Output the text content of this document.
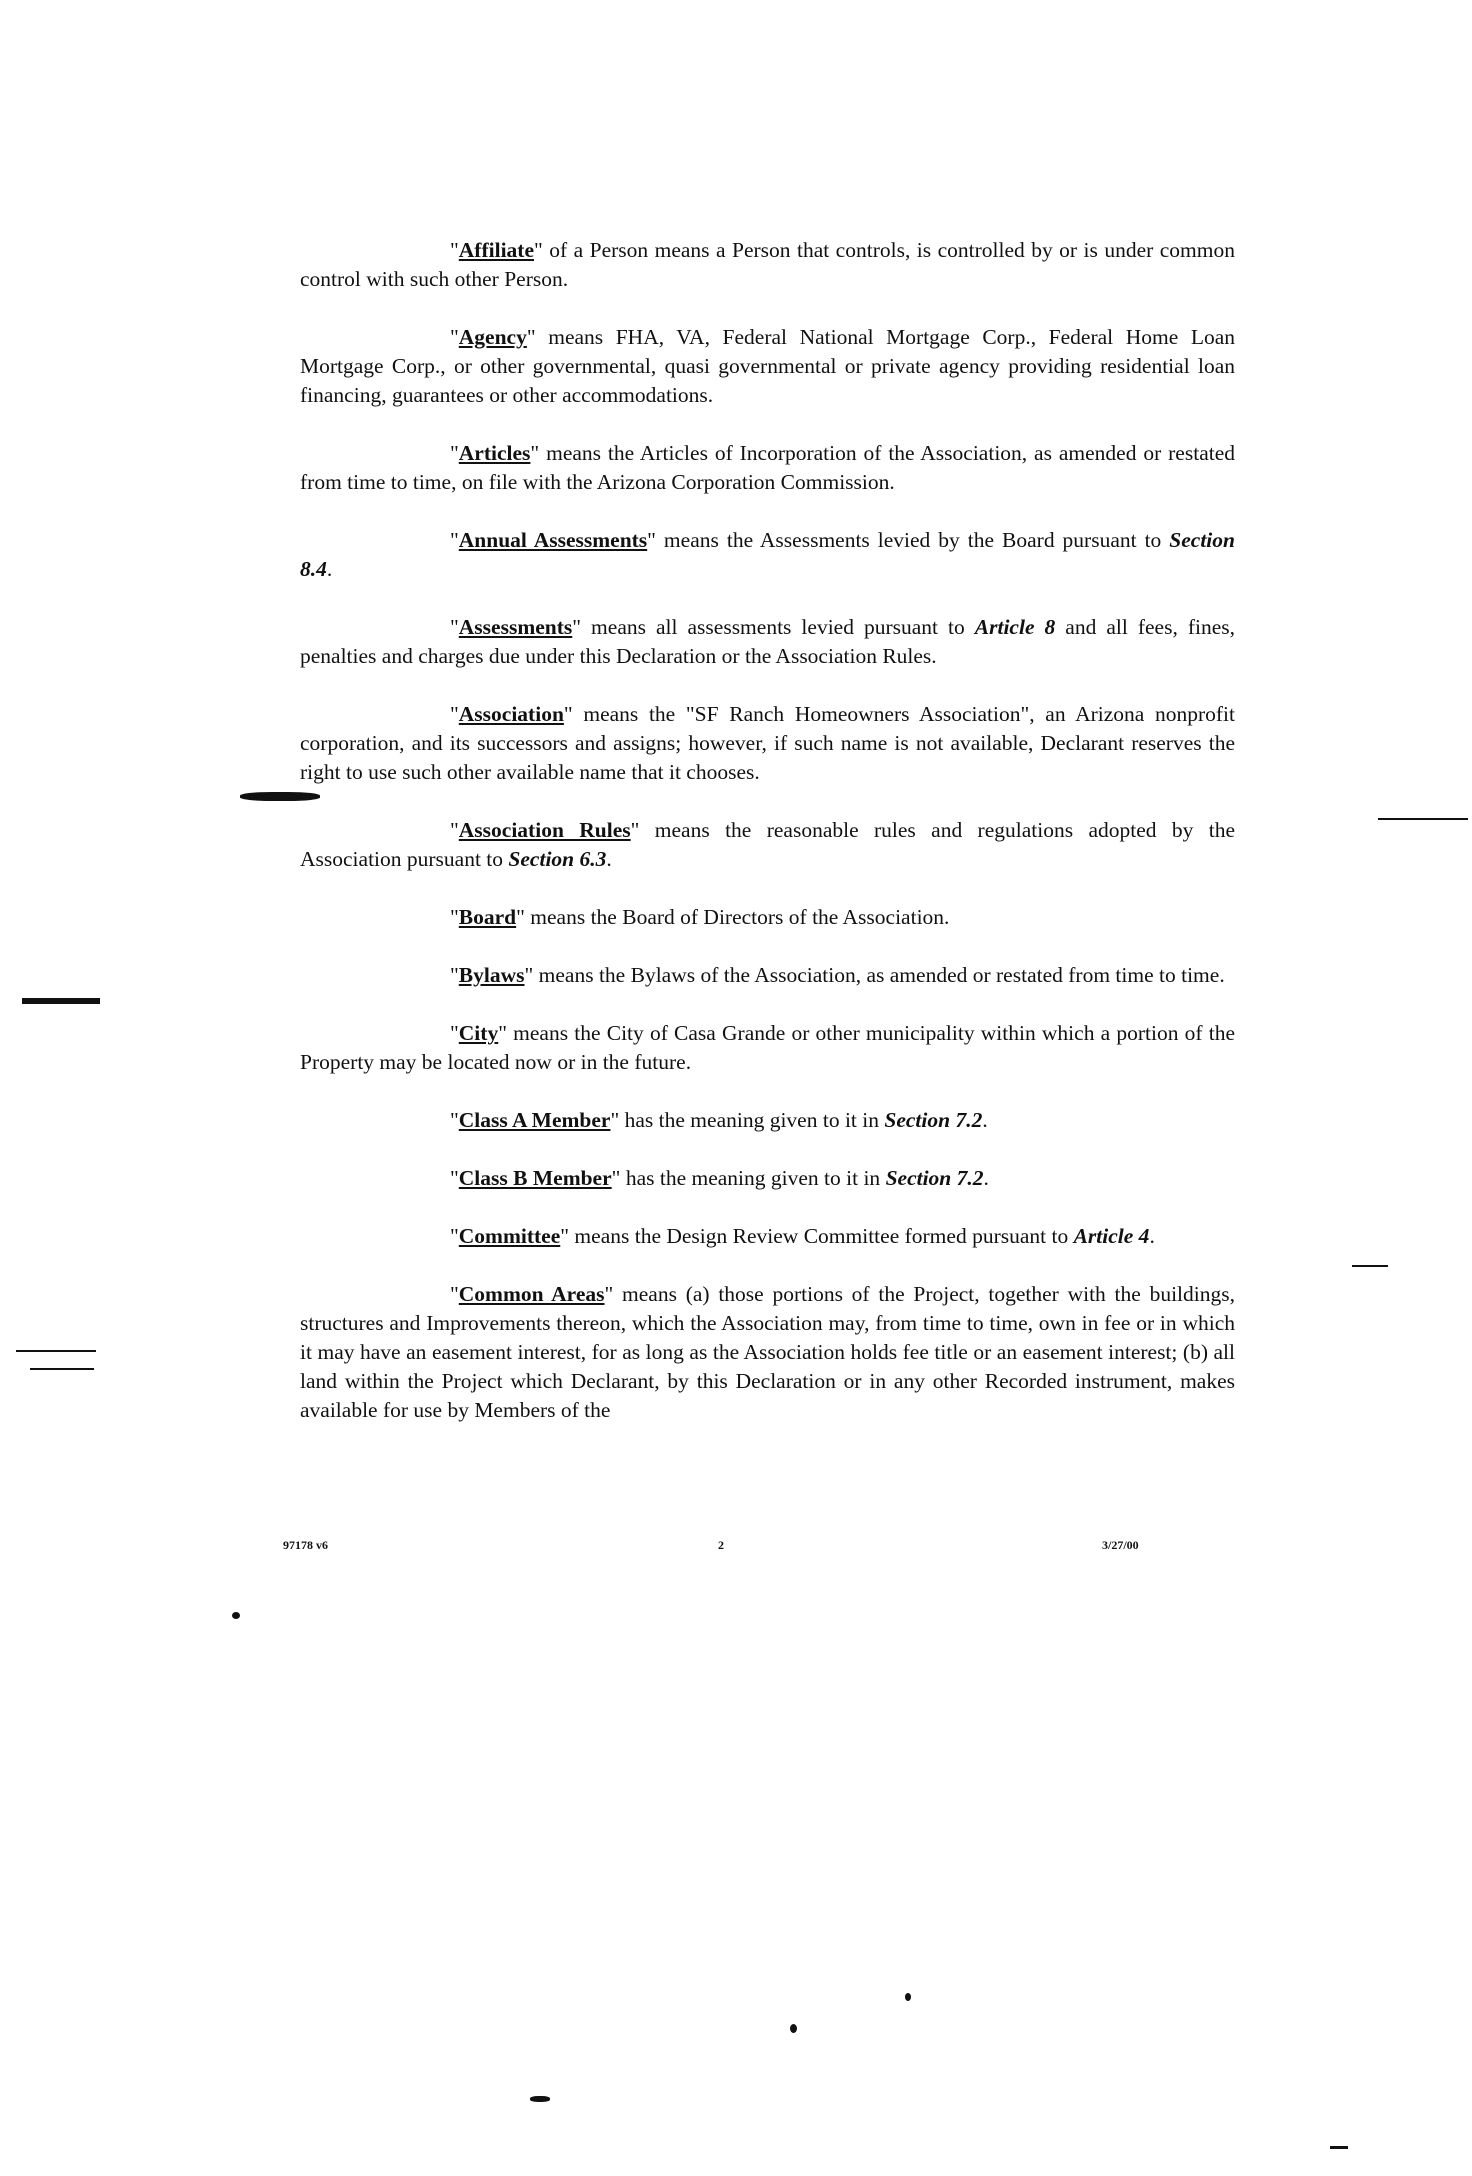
"Affiliate" of a Person means a Person that controls, is controlled by or is under common control with such other Person.

"Agency" means FHA, VA, Federal National Mortgage Corp., Federal Home Loan Mortgage Corp., or other governmental, quasi governmental or private agency providing residential loan financing, guarantees or other accommodations.

"Articles" means the Articles of Incorporation of the Association, as amended or restated from time to time, on file with the Arizona Corporation Commission.

"Annual Assessments" means the Assessments levied by the Board pursuant to Section 8.4.

"Assessments" means all assessments levied pursuant to Article 8 and all fees, fines, penalties and charges due under this Declaration or the Association Rules.

"Association" means the "SF Ranch Homeowners Association", an Arizona nonprofit corporation, and its successors and assigns; however, if such name is not available, Declarant reserves the right to use such other available name that it chooses.

"Association Rules" means the reasonable rules and regulations adopted by the Association pursuant to Section 6.3.

"Board" means the Board of Directors of the Association.

"Bylaws" means the Bylaws of the Association, as amended or restated from time to time.

"City" means the City of Casa Grande or other municipality within which a portion of the Property may be located now or in the future.

"Class A Member" has the meaning given to it in Section 7.2.

"Class B Member" has the meaning given to it in Section 7.2.

"Committee" means the Design Review Committee formed pursuant to Article 4.

"Common Areas" means (a) those portions of the Project, together with the buildings, structures and Improvements thereon, which the Association may, from time to time, own in fee or in which it may have an easement interest, for as long as the Association holds fee title or an easement interest; (b) all land within the Project which Declarant, by this Declaration or in any other Recorded instrument, makes available for use by Members of the

97178 v6	2	3/27/00
